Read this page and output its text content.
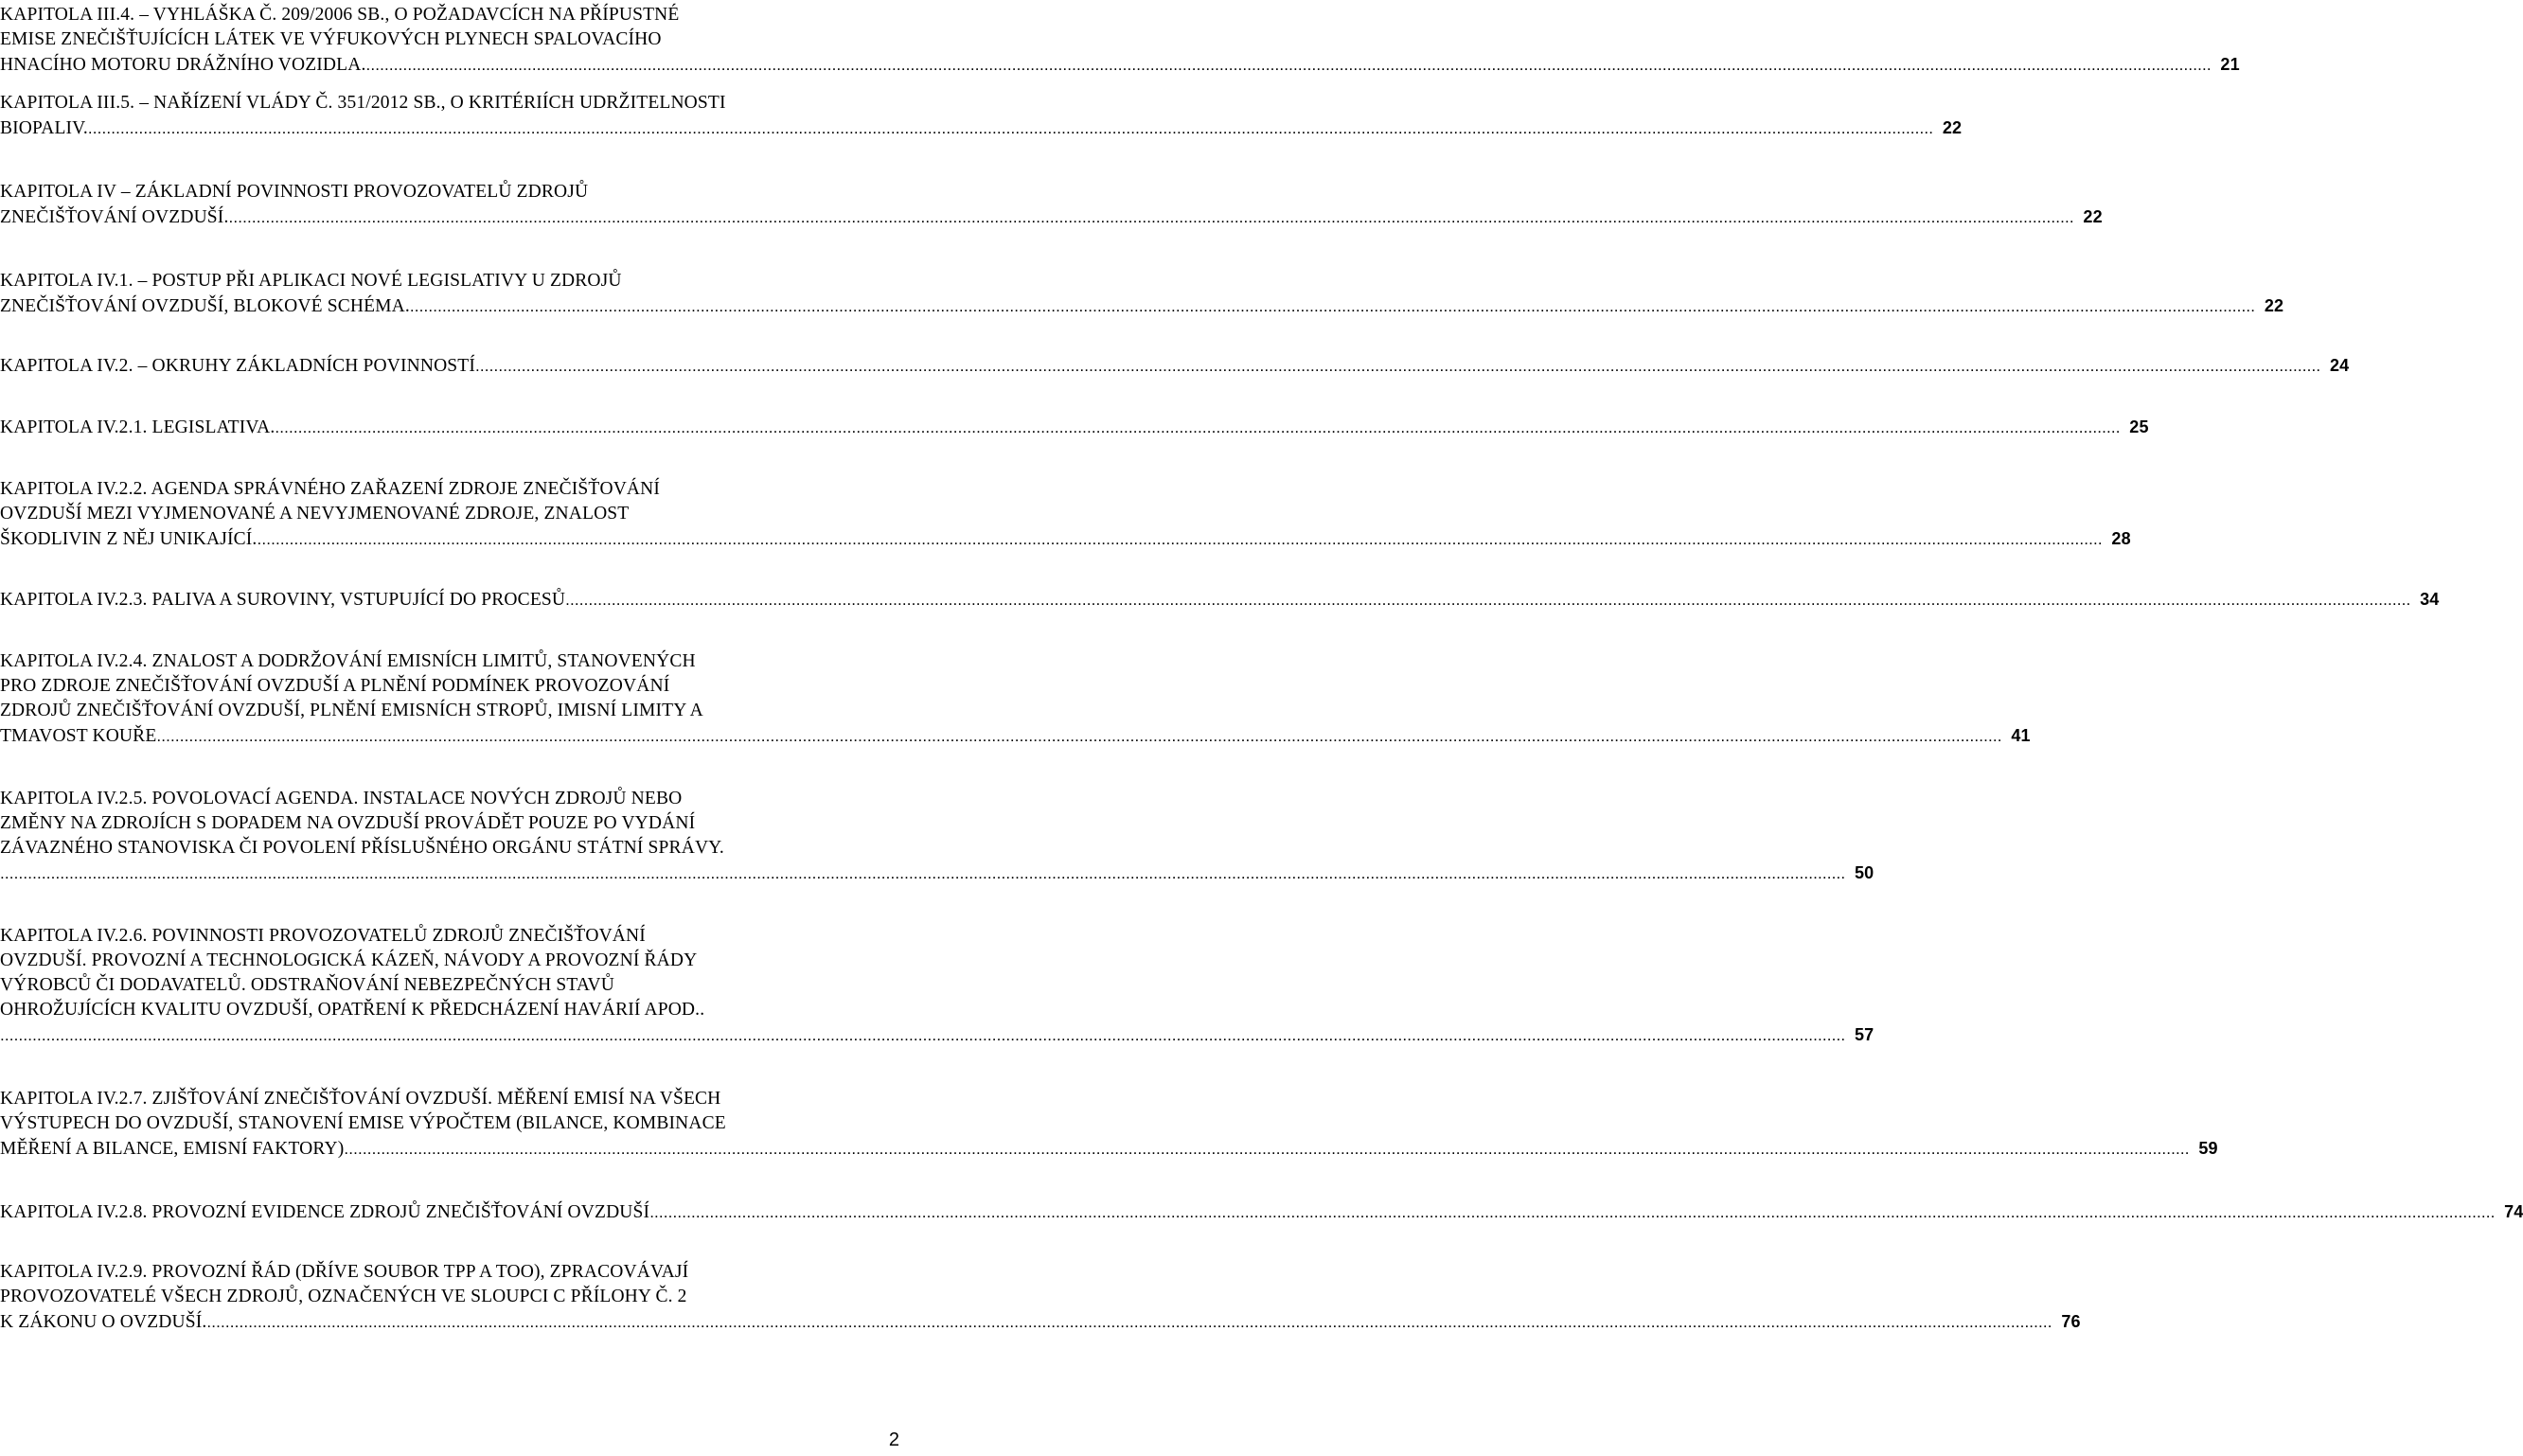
KAPITOLA III.4. – VYHLÁŠKA Č. 209/2006 SB., O POŽADAVCÍCH NA PŘÍPUSTNÉ
EMISE ZNEČIŠŤUJÍCÍCH LÁTEK VE VÝFUKOVÝCH PLYNECH SPALOVACÍHO
HNACÍHO MOTORU DRÁŽNÍHO VOZIDLA. ................................................................................................................................................................................................................................................................................................................................................................................................................ 21
KAPITOLA III.5. – NAŘÍZENÍ VLÁDY Č. 351/2012 SB., O KRITÉRIÍCH UDRŽITELNOSTI
BIOPALIV. ................................................................................................................................................................................................................................................................................................................................................................................................................ 22
KAPITOLA IV – ZÁKLADNÍ POVINNOSTI PROVOZOVATELŮ ZDROJŮ
ZNEČIŠŤOVÁNÍ OVZDUŠÍ. ................................................................................................................................................................................................................................................................................................................................................................................................................ 22
KAPITOLA IV.1. – POSTUP PŘI APLIKACI NOVÉ LEGISLATIVY U ZDROJŮ
ZNEČIŠŤOVÁNÍ OVZDUŠÍ, BLOKOVÉ SCHÉMA. ................................................................................................................................................................................................................................................................................................................................................................................................................ 22
KAPITOLA IV.2. – OKRUHY ZÁKLADNÍCH POVINNOSTÍ ................................................................................................................................................................................................................................................................................................................................................................................................................ 24
KAPITOLA IV.2.1. LEGISLATIVA. ................................................................................................................................................................................................................................................................................................................................................................................................................ 25
KAPITOLA IV.2.2. AGENDA SPRÁVNÉHO ZAŘAZENÍ ZDROJE ZNEČIŠŤOVÁNÍ
OVZDUŠÍ MEZI VYJMENOVANÉ A NEVYJMENOVANÉ ZDROJE, ZNALOST
ŠKODLIVIN Z NĚJ UNIKAJÍCÍ. ................................................................................................................................................................................................................................................................................................................................................................................................................ 28
KAPITOLA IV.2.3. PALIVA A SUROVINY, VSTUPUJÍCÍ DO PROCESŮ ................................................................................................................................................................................................................................................................................................................................................................................................................ 34
KAPITOLA IV.2.4. ZNALOST A DODRŽOVÁNÍ EMISNÍCH LIMITŮ, STANOVENÝCH
PRO ZDROJE ZNEČIŠŤOVÁNÍ OVZDUŠÍ A PLNĚNÍ PODMÍNEK PROVOZOVÁNÍ
ZDROJŮ ZNEČIŠŤOVÁNÍ OVZDUŠÍ, PLNĚNÍ EMISNÍCH STROPŮ, IMISNÍ LIMITY A
TMAVOST KOUŘE ................................................................................................................................................................................................................................................................................................................................................................................................................ 41
KAPITOLA IV.2.5. POVOLOVACÍ AGENDA. INSTALACE NOVÝCH ZDROJŮ NEBO
ZMĚNY NA ZDROJÍCH S DOPADEM NA OVZDUŠÍ PROVÁDĚT POUZE PO VYDÁNÍ
ZÁVAZNÉHO STANOVISKA ČI POVOLENÍ PŘÍSLUŠNÉHO ORGÁNU STÁTNÍ SPRÁVY.
................................................................................................................................................................................................................................................................................................................................................................................................................ 50
KAPITOLA IV.2.6. POVINNOSTI PROVOZOVATELŮ ZDROJŮ ZNEČIŠŤOVÁNÍ
OVZDUŠÍ. PROVOZNÍ A TECHNOLOGICKÁ KÁZEŇ, NÁVODY A PROVOZNÍ ŘÁDY
VÝROBCŮ ČI DODAVATELŮ. ODSTRAŇOVÁNÍ NEBEZPEČNÝCH STAVŮ
OHROŽUJÍCÍCH KVALITU OVZDUŠÍ, OPATŘENÍ K PŘEDCHÁZENÍ HAVÁRIÍ APOD..
................................................................................................................................................................................................................................................................................................................................................................................................................ 57
KAPITOLA IV.2.7. ZJIŠŤOVÁNÍ ZNEČIŠŤOVÁNÍ OVZDUŠÍ. MĚŘENÍ EMISÍ NA VŠECH
VÝSTUPECH DO OVZDUŠÍ, STANOVENÍ EMISE VÝPOČTEM (BILANCE, KOMBINACE
MĚŘENÍ A BILANCE, EMISNÍ FAKTORY) ................................................................................................................................................................................................................................................................................................................................................................................................................ 59
KAPITOLA IV.2.8. PROVOZNÍ EVIDENCE ZDROJŮ ZNEČIŠŤOVÁNÍ OVZDUŠÍ ................................................................................................................................................................................................................................................................................................................................................................................................................ 74
KAPITOLA IV.2.9. PROVOZNÍ ŘÁD (DŘÍVE SOUBOR TPP A TOO), ZPRACOVÁVAJÍ
PROVOZOVATELÉ VŠECH ZDROJŮ, OZNAČENÝCH VE SLOUPCI C PŘÍLOHY Č. 2
K ZÁKONU O OVZDUŠÍ. ................................................................................................................................................................................................................................................................................................................................................................................................................ 76
2
